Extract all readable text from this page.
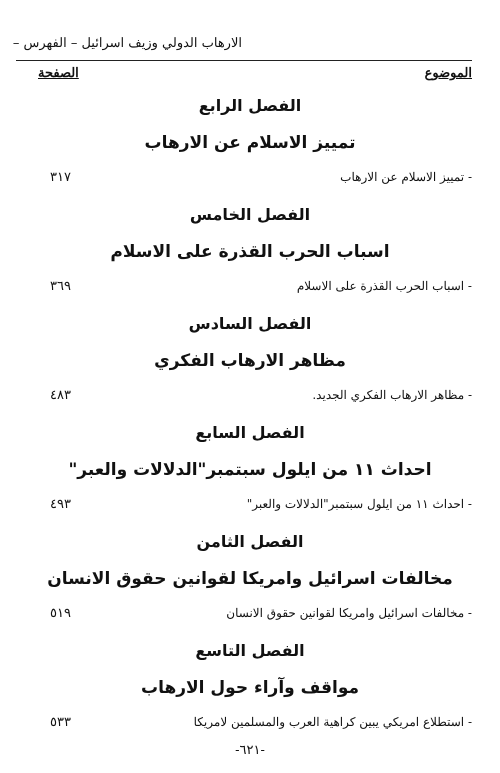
الارهاب الدولي وزيف اسرائيل – الفهرس –
الموضوع
الصفحة
الفصل الرابع
تمييز الاسلام عن الارهاب
- تمييز الاسلام عن الارهاب
٣١٧
الفصل الخامس
اسباب الحرب القذرة على الاسلام
- اسباب الحرب القذرة على الاسلام
٣٦٩
الفصل السادس
مظاهر الارهاب الفكري
- مظاهر الارهاب الفكري الجديد.
٤٨٣
الفصل السابع
احداث ١١ من ايلول سبتمبر"الدلالات والعبر"
- احداث ١١ من ايلول سبتمبر"الدلالات والعبر"
٤٩٣
الفصل الثامن
مخالفات اسرائيل وامريكا لقوانين حقوق الانسان
- مخالفات اسرائيل وامريكا لقوانين حقوق الانسان
٥١٩
الفصل التاسع
مواقف وآراء حول الارهاب
- استطلاع امريكي يبين كراهية العرب والمسلمين لامريكا
٥٣٣
-٦٢١-
